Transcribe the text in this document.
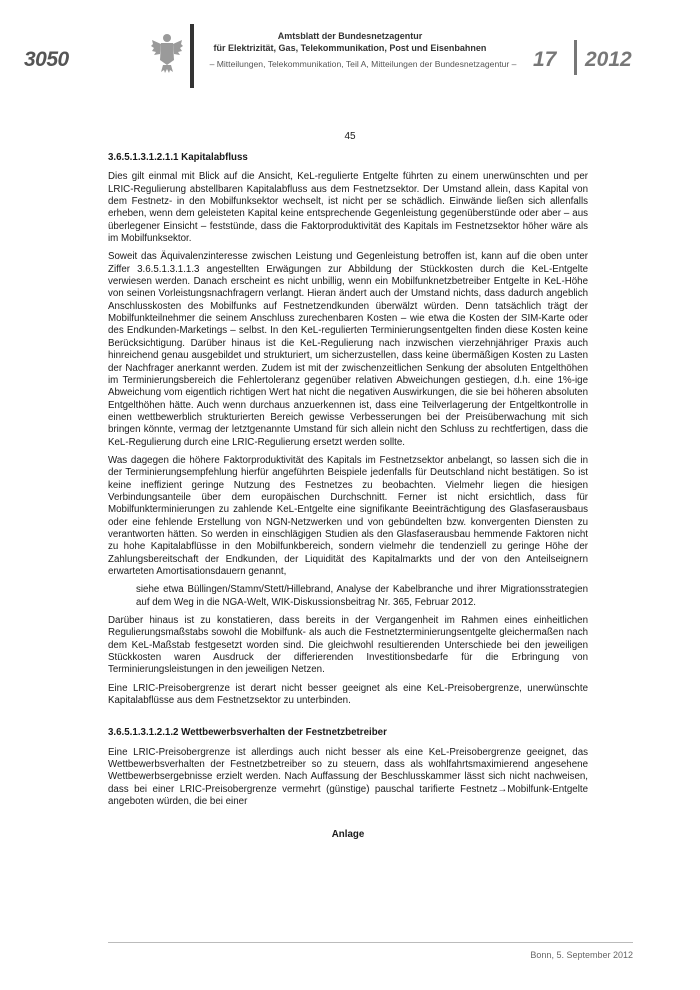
3050
Amtsblatt der Bundesnetzagentur
für Elektrizität, Gas, Telekommunikation, Post und Eisenbahnen
– Mitteilungen, Telekommunikation, Teil A, Mitteilungen der Bundesnetzagentur – 17 2012
45
3.6.5.1.3.1.2.1.1 Kapitalabfluss

Dies gilt einmal mit Blick auf die Ansicht, KeL-regulierte Entgelte führten zu einem unerwünschten und per LRIC-Regulierung abstellbaren Kapitalabfluss aus dem Festnetzsektor. Der Umstand allein, dass Kapital von dem Festnetz- in den Mobilfunksektor wechselt, ist nicht per se schädlich. Einwände ließen sich allenfalls erheben, wenn dem geleisteten Kapital keine entsprechende Gegenleistung gegenüberstünde oder aber – aus überlegener Einsicht – feststünde, dass die Faktorproduktivität des Kapitals im Festnetzsektor höher wäre als im Mobilfunksektor.

Soweit das Äquivalenzinteresse zwischen Leistung und Gegenleistung betroffen ist, kann auf die oben unter Ziffer 3.6.5.1.3.1.1.3 angestellten Erwägungen zur Abbildung der Stückkosten durch die KeL-Entgelte verwiesen werden. Danach erscheint es nicht unbillig, wenn ein Mobilfunknetzbetreiber Entgelte in KeL-Höhe von seinen Vorleistungsnachfragern verlangt. Hieran ändert auch der Umstand nichts, dass dadurch angeblich Anschlusskosten des Mobilfunks auf Festnetzendkunden überwälzt würden. Denn tatsächlich trägt der Mobilfunkteilnehmer die seinem Anschluss zurechenbaren Kosten – wie etwa die Kosten der SIM-Karte oder des Endkunden-Marketings – selbst. In den KeL-regulierten Terminierungsentgelten finden diese Kosten keine Berücksichtigung. Darüber hinaus ist die KeL-Regulierung nach inzwischen vierzehnjähriger Praxis auch hinreichend genau ausgebildet und strukturiert, um sicherzustellen, dass keine übermäßigen Kosten zu Lasten der Nachfrager anerkannt werden. Zudem ist mit der zwischenzeitlichen Senkung der absoluten Entgelthöhen im Terminierungsbereich die Fehlertoleranz gegenüber relativen Abweichungen gestiegen, d.h. eine 1%-ige Abweichung vom eigentlich richtigen Wert hat nicht die negativen Auswirkungen, die sie bei höheren absoluten Entgelthöhen hätte. Auch wenn durchaus anzuerkennen ist, dass eine Teilverlagerung der Entgeltkontrolle in einen wettbewerblich strukturierten Bereich gewisse Verbesserungen bei der Preisüberwachung mit sich bringen könnte, vermag der letztgenannte Umstand für sich allein nicht den Schluss zu rechtfertigen, dass die KeL-Regulierung durch eine LRIC-Regulierung ersetzt werden sollte.

Was dagegen die höhere Faktorproduktivität des Kapitals im Festnetzsektor anbelangt, so lassen sich die in der Terminierungsempfehlung hierfür angeführten Beispiele jedenfalls für Deutschland nicht bestätigen. So ist keine ineffizient geringe Nutzung des Festnetzes zu beobachten. Vielmehr liegen die hiesigen Verbindungsanteile über dem europäischen Durchschnitt. Ferner ist nicht ersichtlich, dass für Mobilfunkterminierungen zu zahlende KeL-Entgelte eine signifikante Beeinträchtigung des Glasfaserausbaus oder eine fehlende Erstellung von NGN-Netzwerken und von gebündelten bzw. konvergenten Diensten zu verantworten hätten. So werden in einschlägigen Studien als den Glasfaserausbau hemmende Faktoren nicht zu hohe Kapitalabflüsse in den Mobilfunkbereich, sondern vielmehr die tendenziell zu geringe Höhe der Zahlungsbereitschaft der Endkunden, der Liquidität des Kapitalmarkts und der von den Anteilseignern erwarteten Amortisationsdauern genannt,

siehe etwa Büllingen/Stamm/Stett/Hillebrand, Analyse der Kabelbranche und ihrer Migrationsstrategien auf dem Weg in die NGA-Welt, WIK-Diskussionsbeitrag Nr. 365, Februar 2012.

Darüber hinaus ist zu konstatieren, dass bereits in der Vergangenheit im Rahmen eines einheitlichen Regulierungsmaßstabs sowohl die Mobilfunk- als auch die Festnetzterminierungsentgelte gleichermaßen nach dem KeL-Maßstab festgesetzt worden sind. Die gleichwohl resultierenden Unterschiede bei den jeweiligen Stückkosten waren Ausdruck der differierenden Investitionsbedarfe für die Erbringung von Terminierungsleistungen in den jeweiligen Netzen.

Eine LRIC-Preisobergrenze ist derart nicht besser geeignet als eine KeL-Preisobergrenze, unerwünschte Kapitalabflüsse aus dem Festnetzsektor zu unterbinden.

3.6.5.1.3.1.2.1.2 Wettbewerbsverhalten der Festnetzbetreiber

Eine LRIC-Preisobergrenze ist allerdings auch nicht besser als eine KeL-Preisobergrenze geeignet, das Wettbewerbsverhalten der Festnetzbetreiber so zu steuern, dass als wohlfahrtsmaximierend angesehene Wettbewerbsergebnisse erzielt werden. Nach Auffassung der Beschlusskammer lässt sich nicht nachweisen, dass bei einer LRIC-Preisobergrenze vermehrt (günstige) pauschal tarifierte Festnetz→Mobilfunk-Entgelte angeboten würden, die bei einer

Anlage

Bonn, 5. September 2012
